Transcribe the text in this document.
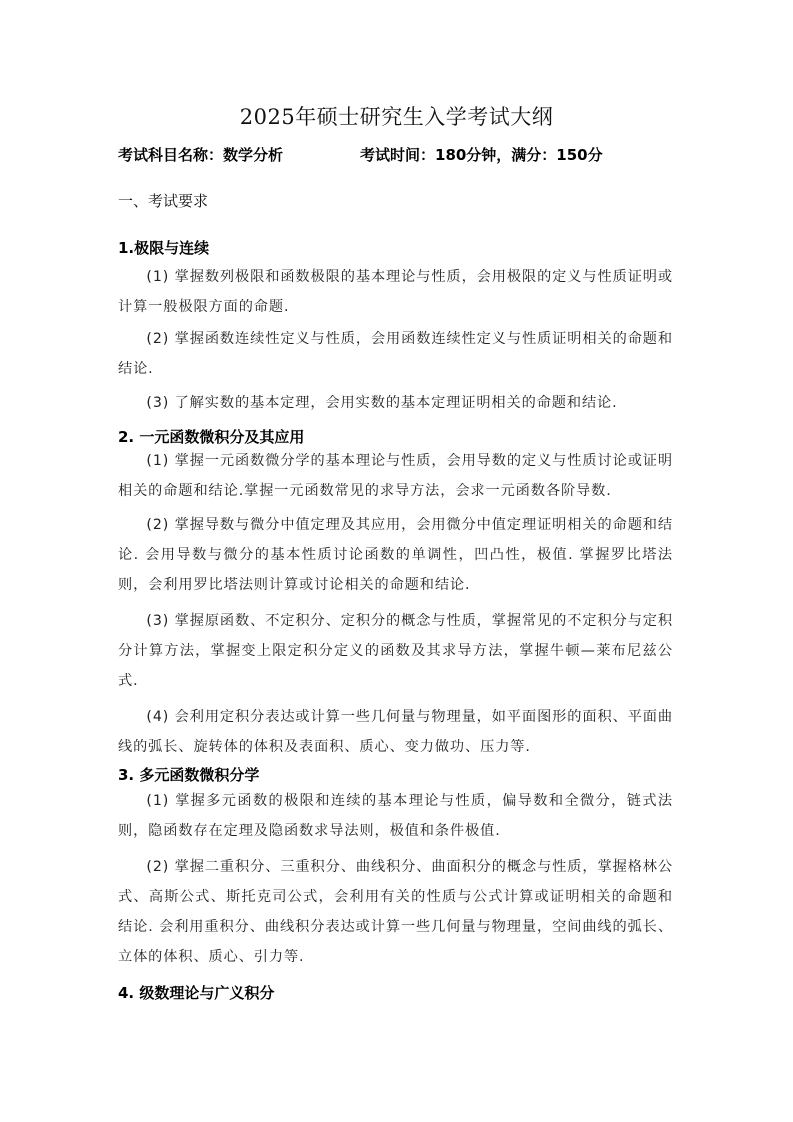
2025年硕士研究生入学考试大纲
考试科目名称：数学分析	考试时间：180分钟，满分：150分
一、考试要求
1.极限与连续
(1) 掌握数列极限和函数极限的基本理论与性质，会用极限的定义与性质证明或计算一般极限方面的命题.
(2) 掌握函数连续性定义与性质，会用函数连续性定义与性质证明相关的命题和结论.
(3) 了解实数的基本定理，会用实数的基本定理证明相关的命题和结论.
2. 一元函数微积分及其应用
(1) 掌握一元函数微分学的基本理论与性质，会用导数的定义与性质讨论或证明相关的命题和结论.掌握一元函数常见的求导方法，会求一元函数各阶导数.
(2) 掌握导数与微分中值定理及其应用，会用微分中值定理证明相关的命题和结论. 会用导数与微分的基本性质讨论函数的单调性，凹凸性，极值. 掌握罗比塔法则，会利用罗比塔法则计算或讨论相关的命题和结论.
(3) 掌握原函数、不定积分、定积分的概念与性质，掌握常见的不定积分与定积分计算方法，掌握变上限定积分定义的函数及其求导方法，掌握牛顿—莱布尼兹公式.
(4) 会利用定积分表达或计算一些几何量与物理量，如平面图形的面积、平面曲线的弧长、旋转体的体积及表面积、质心、变力做功、压力等.
3. 多元函数微积分学
(1) 掌握多元函数的极限和连续的基本理论与性质，偏导数和全微分，链式法则，隐函数存在定理及隐函数求导法则，极值和条件极值.
(2) 掌握二重积分、三重积分、曲线积分、曲面积分的概念与性质，掌握格林公式、高斯公式、斯托克司公式，会利用有关的性质与公式计算或证明相关的命题和结论. 会利用重积分、曲线积分表达或计算一些几何量与物理量，空间曲线的弧长、立体的体积、质心、引力等.
4. 级数理论与广义积分
